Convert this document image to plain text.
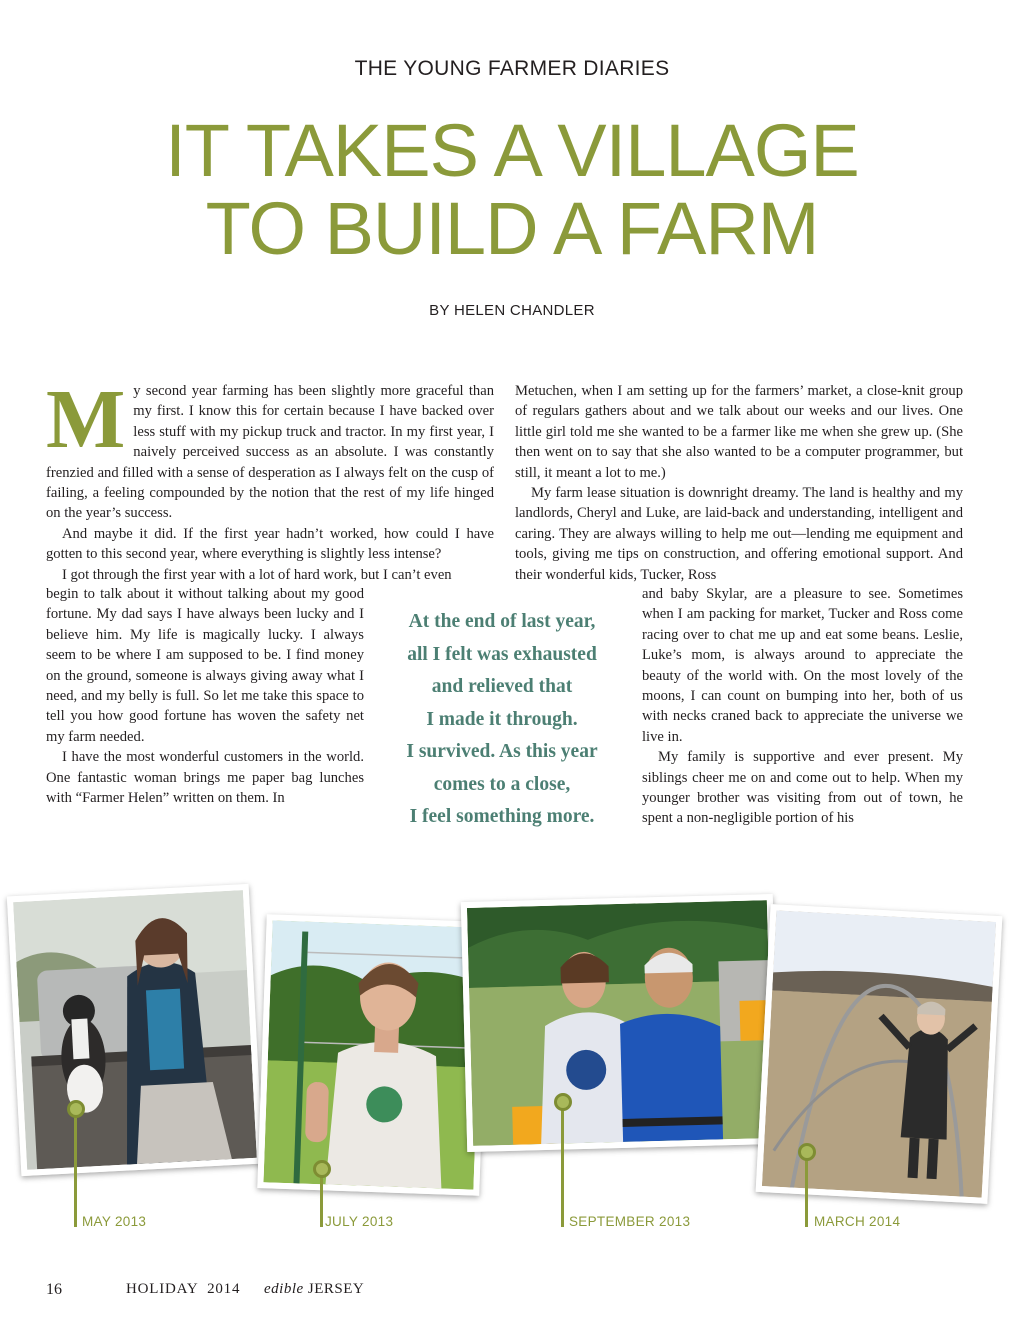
THE YOUNG FARMER DIARIES
IT TAKES A VILLAGE
TO BUILD A FARM
BY HELEN CHANDLER

My second year farming has been slightly more graceful than my first. I know this for certain because I have backed over less stuff with my pickup truck and tractor. In my first year, I naively perceived success as an absolute. I was constantly frenzied and filled with a sense of desperation as I always felt on the cusp of failing, a feeling compounded by the notion that the rest of my life hinged on the year’s success.

And maybe it did. If the first year hadn’t worked, how could I have gotten to this second year, where everything is slightly less intense?

I got through the first year with a lot of hard work, but I can’t even

begin to talk about it without talking about my good fortune. My dad says I have always been lucky and I believe him. My life is magically lucky. I always seem to be where I am supposed to be. I find money on the ground, someone is always giving away what I need, and my belly is full. So let me take this space to tell you how good fortune has woven the safety net my farm needed.

I have the most wonderful customers in the world. One fantastic woman brings me paper bag lunches with “Farmer Helen” written on them. In

Metuchen, when I am setting up for the farmers’ market, a close-knit group of regulars gathers about and we talk about our weeks and our lives. One little girl told me she wanted to be a farmer like me when she grew up. (She then went on to say that she also wanted to be a computer programmer, but still, it meant a lot to me.)

My farm lease situation is downright dreamy. The land is healthy and my landlords, Cheryl and Luke, are laid-back and understanding, intelligent and caring. They are always willing to help me out—lending me equipment and tools, giving me tips on construction, and offering emotional support. And their wonderful kids, Tucker, Ross

and baby Skylar, are a pleasure to see. Sometimes when I am packing for market, Tucker and Ross come racing over to chat me up and eat some beans. Leslie, Luke’s mom, is always around to appreciate the beauty of the world with. On the most lovely of the moons, I can count on bumping into her, both of us with necks craned back to appreciate the universe we live in.

My family is supportive and ever present. My siblings cheer me on and come out to help. When my younger brother was visiting from out of town, he spent a non-negligible portion of his

At the end of last year,
all I felt was exhausted
and relieved that
I made it through.
I survived. As this year
comes to a close,
I feel something more.
MAY 2013	JULY 2013	SEPTEMBER 2013	MARCH 2014
16	HOLIDAY  2014 edible JERSEY
